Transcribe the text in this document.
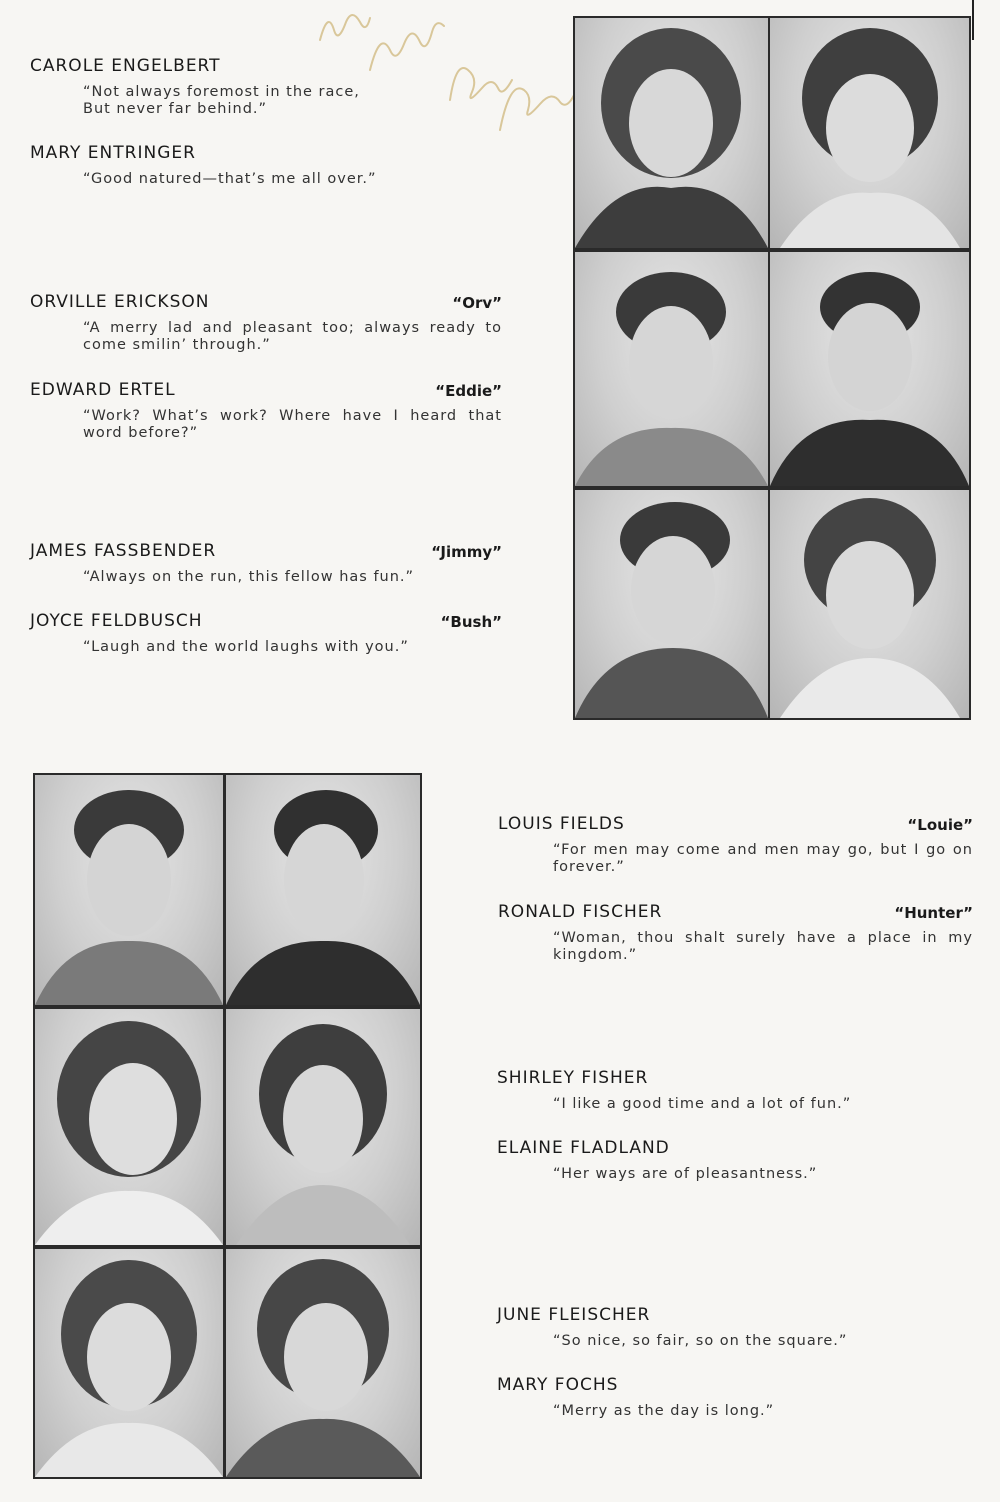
CAROLE ENGELBERT
“Not always foremost in the race, But never far behind.”
MARY ENTRINGER
“Good natured—that’s me all over.”
ORVILLE ERICKSON	“Orv”
“A merry lad and pleasant too; always ready to come smilin’ through.”
EDWARD ERTEL	“Eddie”
“Work? What’s work? Where have I heard that word before?”
JAMES FASSBENDER	“Jimmy”
“Always on the run, this fellow has fun.”
JOYCE FELDBUSCH	“Bush”
“Laugh and the world laughs with you.”
LOUIS FIELDS	“Louie”
“For men may come and men may go, but I go on forever.”
RONALD FISCHER	“Hunter”
“Woman, thou shalt surely have a place in my kingdom.”
SHIRLEY FISHER
“I like a good time and a lot of fun.”
ELAINE FLADLAND
“Her ways are of pleasantness.”
JUNE FLEISCHER
“So nice, so fair, so on the square.”
MARY FOCHS
“Merry as the day is long.”
